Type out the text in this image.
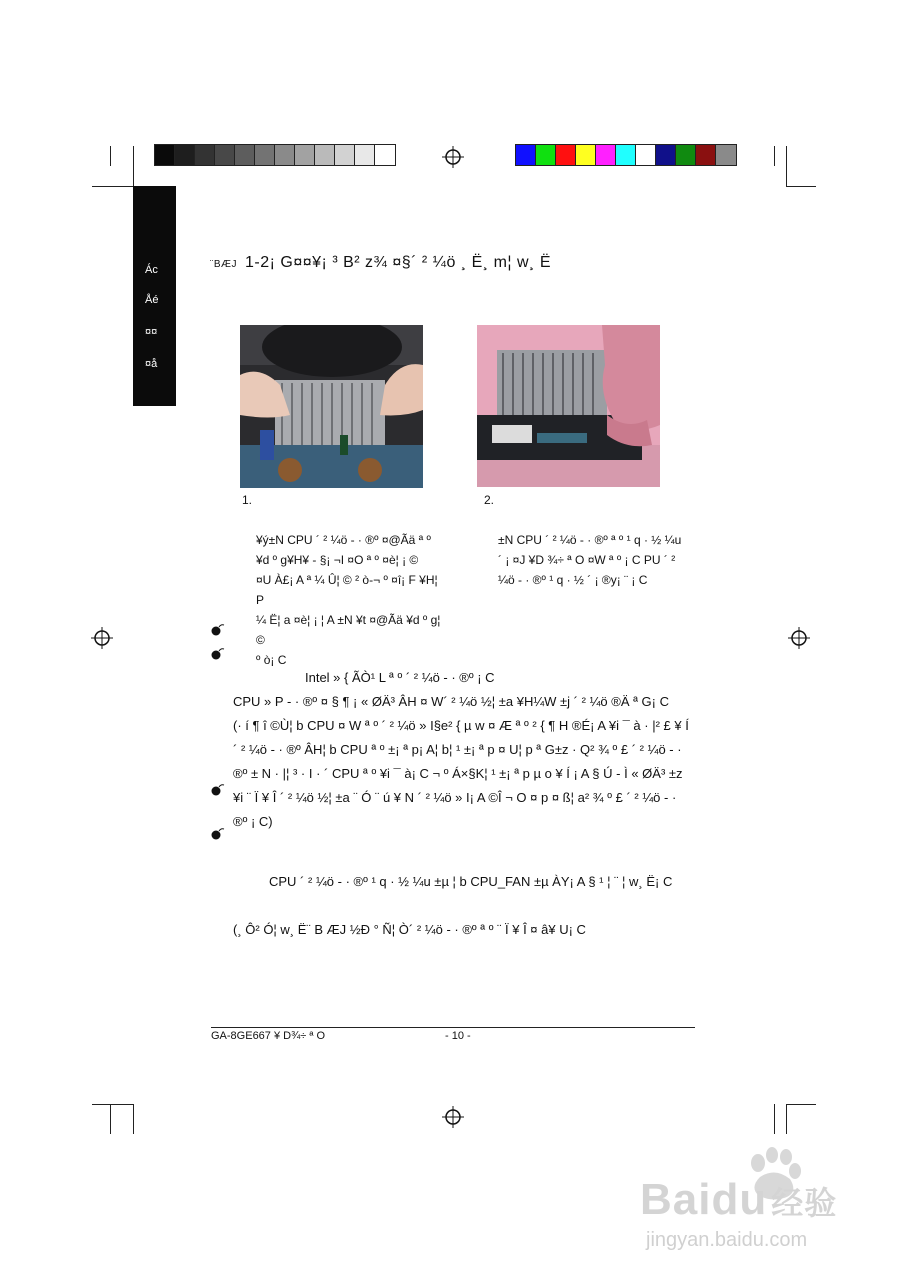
Ác
Åé
¤¤
¤å
¨BÆJ 1-2¡ G¤¤¥¡ ³ B² z¾ ¤§´ ² ¼ö ¸ Ë¸ m¦ w¸ Ë

1.

¥ý±N CPU ´ ² ¼ö - · ®º ¤@Ãä ª º
¥d º g¥H¥ - §¡ ¬I ¤O ª º ¤è¦ ¡ ©
¤U À£¡ A ª ¼ Û¦ © ² ò-¬ º ¤î¡ F ¥H¦ P
¼ Ë¦ a ¤è¦ ¡ ¦ A ±N ¥t ¤@Ãä ¥d º g¦ ©
º ò¡ C

2.

±N CPU ´ ² ¼ö - · ®º ª º ¹ q · ½ ¼u
´ ¡ ¤J ¥D ¾÷ ª O ¤W ª º ¡ C PU ´ ²
¼ö - · ®º ¹ q · ½ ´ ¡ ®y¡ ¨ ¡ C

Intel » { ÃÒ¹ L ª º ´ ² ¼ö - · ®º ¡ C

CPU » P - · ®º ¤ § ¶ ¡ « ØÄ³ ÂH ¤ W´ ² ¼ö ½¦ ±a ¥H¼W ±j ´ ² ¼ö ®Ä ª G¡ C
(· í ¶ î ©Ù¦ b CPU ¤ W ª º ´ ² ¼ö » I§e² { µ w ¤ Æ ª º ² { ¶ H ®É¡ A ¥i ¯ à · |² £ ¥ Í
´ ² ¼ö - · ®º ÂH¦ b CPU ª º ±¡ ª p¡ A¦ b¦ ¹ ±¡ ª p ¤ U¦ p ª G±z · Q² ¾ º £ ´ ² ¼ö - ·
®º ± N · |¦ ³ · I · ´ CPU ª º ¥i ¯ à¡ C ¬ º Á×§K¦ ¹ ±¡ ª p µ o ¥ Í ¡ A § Ú - Ì « ØÄ³ ±z
¥i ¨ Ï ¥ Î ´ ² ¼ö ½¦ ±a ¨ Ó ¨ ú ¥ N ´ ² ¼ö » I¡ A ©Î ¬ O ¤ p ¤ ß¦ a² ¾ º £ ´ ² ¼ö - ·
®º ¡ C)

CPU ´ ² ¼ö - · ®º ¹ q · ½ ¼u ±µ ¦ b CPU_FAN ±µ ÀY¡ A § ¹ ¦ ¨ ¦ w¸ Ë¡ C

(¸ Ô² Ó¦ w¸ Ë¨ B ÆJ ½Ð ° Ñ¦ Ò´ ² ¼ö - · ®º ª º ¨ Ï ¥ Î ¤ â¥ U¡ C

GA-8GE667 ¥ D¾÷ ª O	- 10 -
Baidu 经验
jingyan.baidu.com
